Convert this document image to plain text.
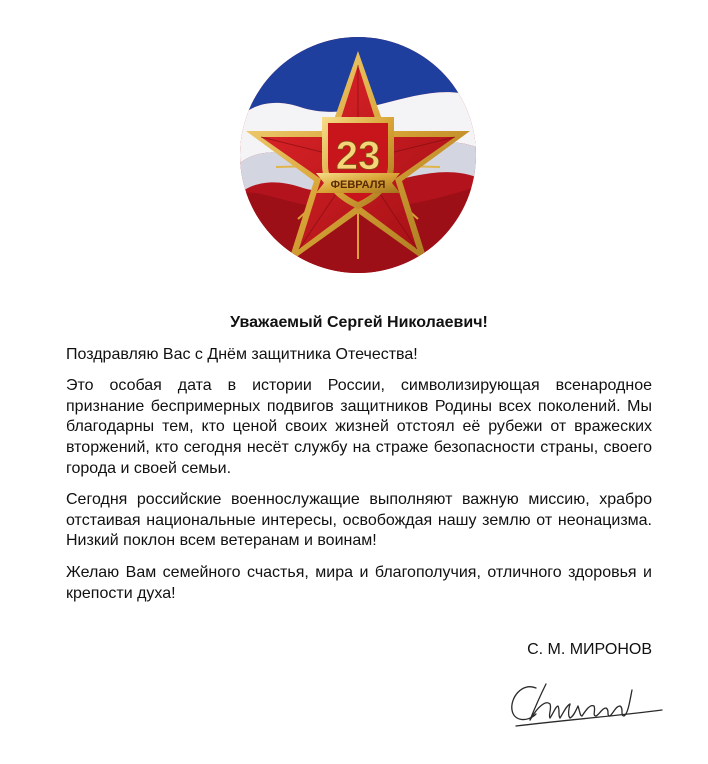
23
ФЕВРАЛЯ

Уважаемый Сергей Николаевич!

Поздравляю Вас с Днём защитника Отечества!

Это особая дата в истории России, символизирующая всенародное признание беспримерных подвигов защитников Родины всех поколений. Мы благодарны тем, кто ценой своих жизней отстоял её рубежи от вражеских вторжений, кто сегодня несёт службу на страже безопасности страны, своего города и своей семьи.

Сегодня российские военнослужащие выполняют важную миссию, храбро отстаивая национальные интересы, освобождая нашу землю от неонацизма. Низкий поклон всем ветеранам и воинам!

Желаю Вам семейного счастья, мира и благополучия, отличного здоровья и крепости духа!

С. М. МИРОНОВ
